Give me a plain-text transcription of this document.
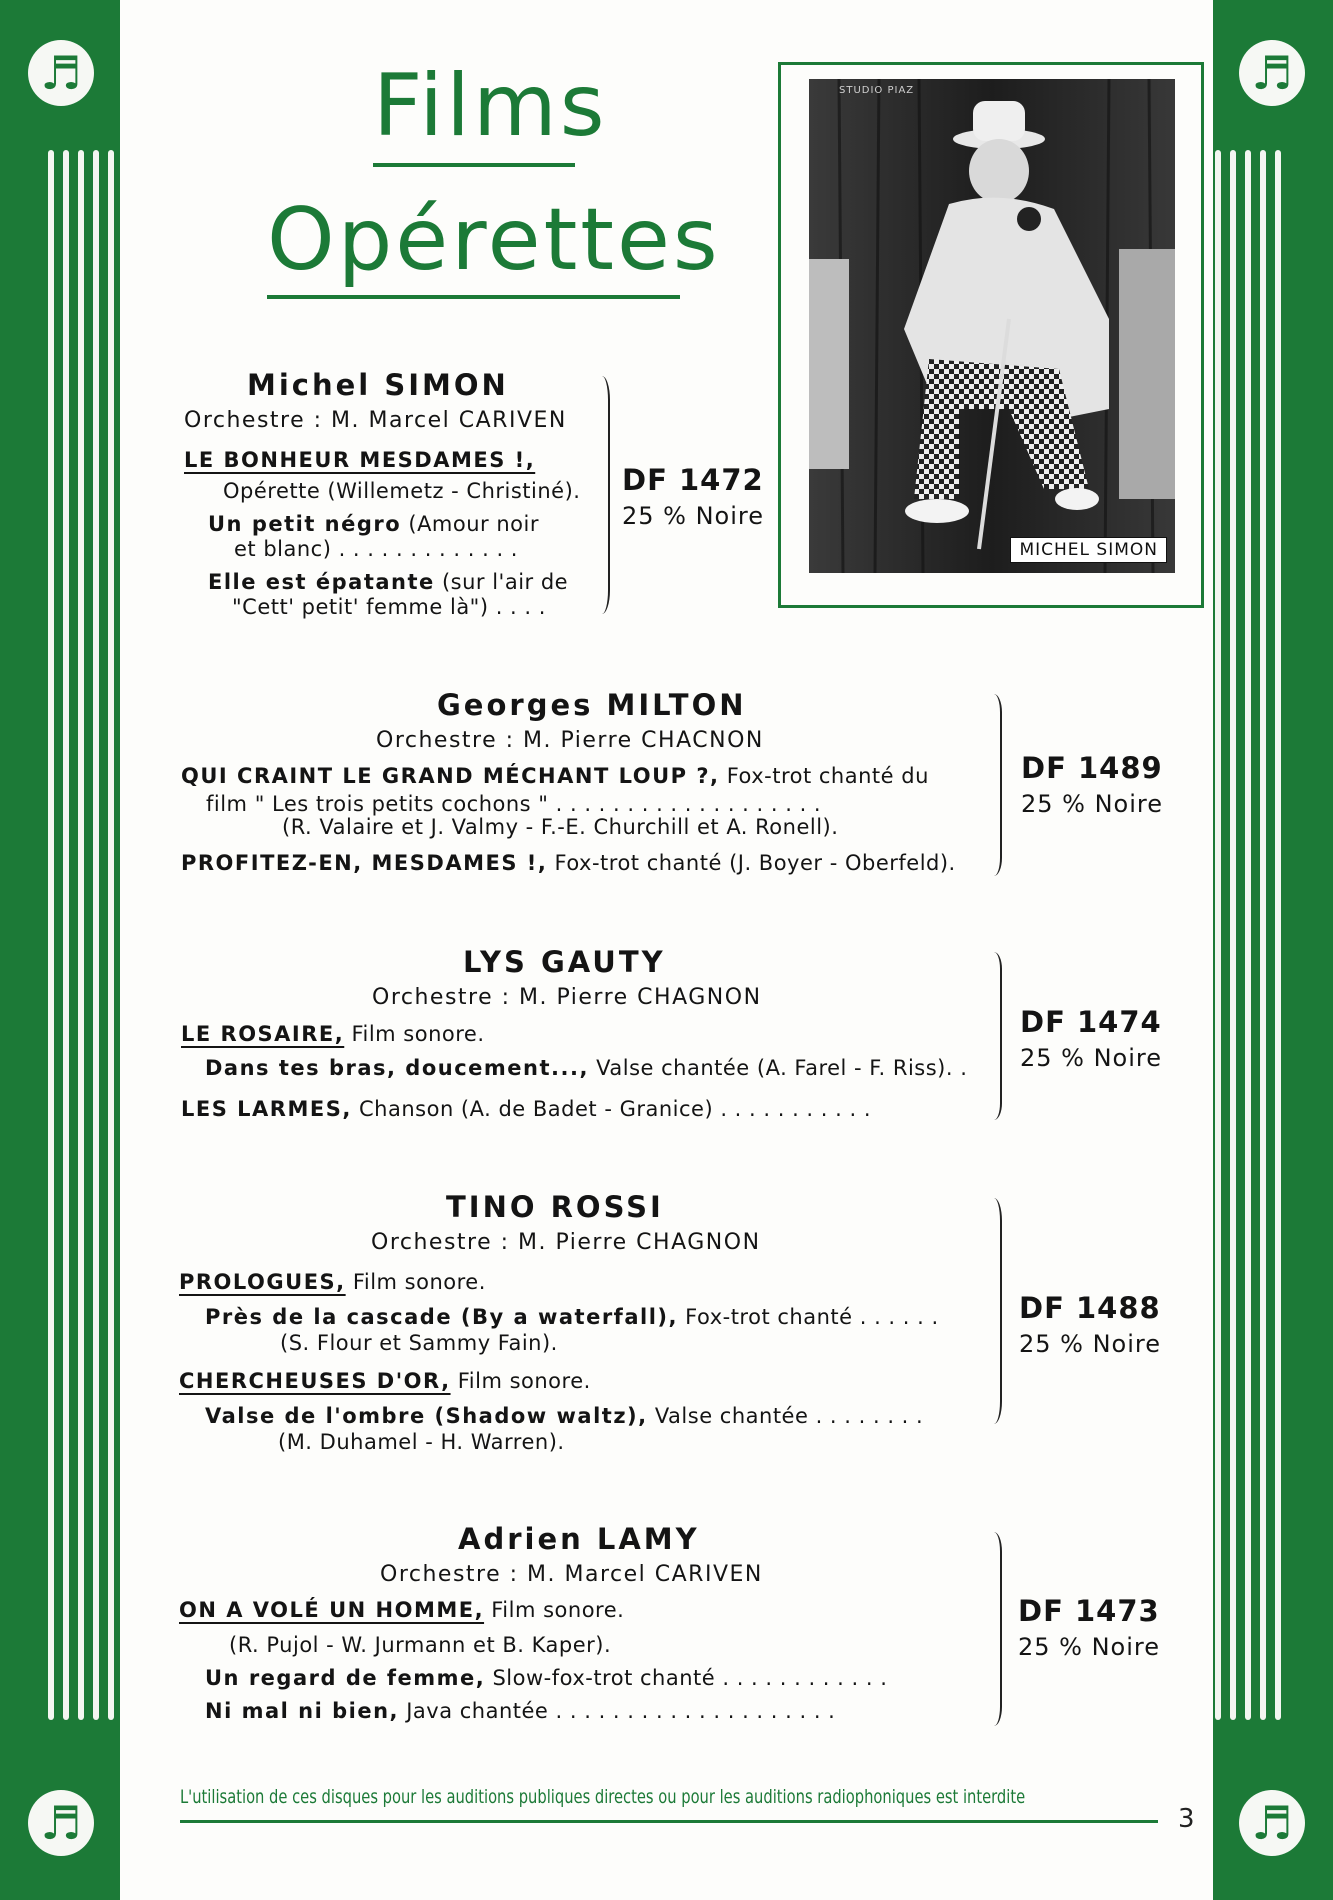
♬
♬
♬
♬
Films
Opérettes
STUDIO PIAZ
MICHEL SIMON
Michel SIMON
Orchestre : M. Marcel CARIVEN
LE BONHEUR MESDAMES !,
Opérette (Willemetz - Christiné).
Un petit négro (Amour noir
et blanc) . . . . . . . . . . . . .
Elle est épatante (sur l'air de
"Cett' petit' femme là") . . . .
DF 1472
25 % Noire
Georges MILTON
Orchestre : M. Pierre CHACNON
QUI CRAINT LE GRAND MÉCHANT LOUP ?, Fox-trot chanté du
film " Les trois petits cochons " . . . . . . . . . . . . . . . . . . .
(R. Valaire et J. Valmy - F.-E. Churchill et A. Ronell).
PROFITEZ-EN, MESDAMES !, Fox-trot chanté (J. Boyer - Oberfeld).
DF 1489
25 % Noire
LYS GAUTY
Orchestre : M. Pierre CHAGNON
LE ROSAIRE, Film sonore.
Dans tes bras, doucement..., Valse chantée (A. Farel - F. Riss). .
LES LARMES, Chanson (A. de Badet - Granice) . . . . . . . . . . .
DF 1474
25 % Noire
TINO ROSSI
Orchestre : M. Pierre CHAGNON
PROLOGUES, Film sonore.
Près de la cascade (By a waterfall), Fox-trot chanté . . . . . .
(S. Flour et Sammy Fain).
CHERCHEUSES D'OR, Film sonore.
Valse de l'ombre (Shadow waltz), Valse chantée . . . . . . . .
(M. Duhamel - H. Warren).
DF 1488
25 % Noire
Adrien LAMY
Orchestre : M. Marcel CARIVEN
ON A VOLÉ UN HOMME, Film sonore.
(R. Pujol - W. Jurmann et B. Kaper).
Un regard de femme, Slow-fox-trot chanté . . . . . . . . . . . .
Ni mal ni bien, Java chantée . . . . . . . . . . . . . . . . . . . .
DF 1473
25 % Noire
L'utilisation de ces disques pour les auditions publiques directes ou pour les auditions radiophoniques est interdite
3
